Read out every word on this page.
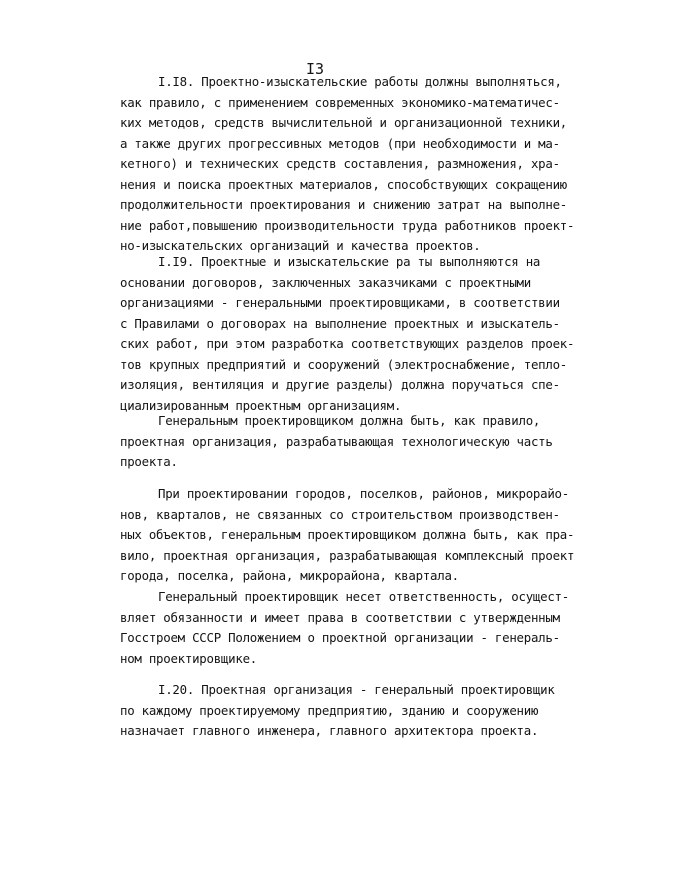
I3
I.I8. Проектно-изыскательские работы должны выполняться,
как правило, с применением современных экономико-математичес-
ких методов, средств вычислительной и организационной техники,
а также других прогрессивных методов (при необходимости и ма-
кетного) и технических средств составления, размножения, хра-
нения и поиска проектных материалов, способствующих сокращению
продолжительности проектирования и снижению затрат на выполне-
ние работ,повышению производительности труда работников проект-
но-изыскательских организаций и качества проектов.
I.I9. Проектные и изыскательские ра ты выполняются на
основании договоров, заключенных заказчиками с проектными
организациями - генеральными проектировщиками, в соответствии
с Правилами о договорах на выполнение проектных и изыскатель-
ских работ, при этом разработка соответствующих разделов проек-
тов крупных предприятий и сооружений (электроснабжение, тепло-
изоляция, вентиляция и другие разделы) должна поручаться спе-
циализированным проектным организациям.
Генеральным проектировщиком должна быть, как правило,
проектная организация, разрабатывающая технологическую часть
проекта.
При проектировании городов, поселков, районов, микрорайо-
нов, кварталов, не связанных со строительством производствен-
ных объектов, генеральным проектировщиком должна быть, как пра-
вило, проектная организация, разрабатывающая комплексный проект
города, поселка, района, микрорайона, квартала.
Генеральный проектировщик несет ответственность, осущест-
вляет обязанности и имеет права в соответствии с утвержденным
Госстроем СССР Положением о проектной организации - генераль-
ном проектировщике.
I.20. Проектная организация - генеральный проектировщик
по каждому проектируемому предприятию, зданию и сооружению
назначает главного инженера, главного архитектора проекта.
